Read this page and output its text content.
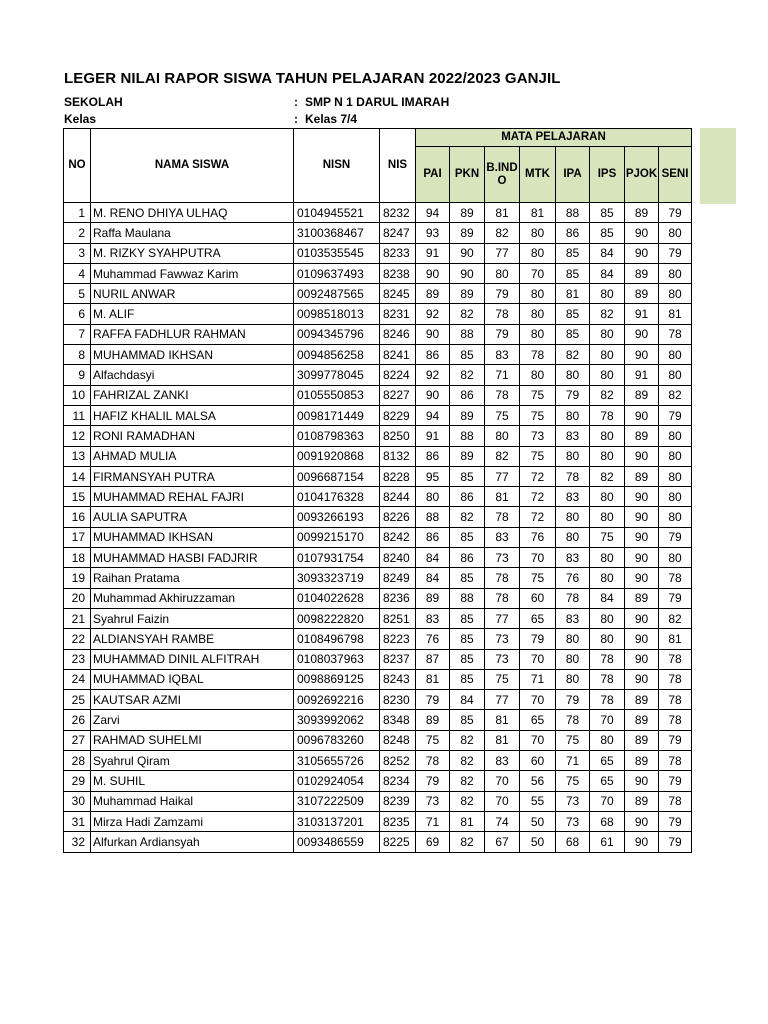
LEGER NILAI RAPOR SISWA TAHUN PELAJARAN 2022/2023 GANJIL
SEKOLAH	: SMP N 1 DARUL IMARAH
Kelas	: Kelas 7/4
NO	NAMA SISWA	NISN	NIS	MATA PELAJARAN							
				PAI	PKN	B.INDO	MTK	IPA	IPS	PJOK	SENI
1	M. RENO DHIYA ULHAQ	0104945521	8232	94	89	81	81	88	85	89	79
2	Raffa Maulana	3100368467	8247	93	89	82	80	86	85	90	80
3	M. RIZKY SYAHPUTRA	0103535545	8233	91	90	77	80	85	84	90	79
4	Muhammad Fawwaz Karim	0109637493	8238	90	90	80	70	85	84	89	80
5	NURIL ANWAR	0092487565	8245	89	89	79	80	81	80	89	80
6	M. ALIF	0098518013	8231	92	82	78	80	85	82	91	81
7	RAFFA FADHLUR RAHMAN	0094345796	8246	90	88	79	80	85	80	90	78
8	MUHAMMAD IKHSAN	0094856258	8241	86	85	83	78	82	80	90	80
9	Alfachdasyi	3099778045	8224	92	82	71	80	80	80	91	80
10	FAHRIZAL ZANKI	0105550853	8227	90	86	78	75	79	82	89	82
11	HAFIZ KHALIL MALSA	0098171449	8229	94	89	75	75	80	78	90	79
12	RONI RAMADHAN	0108798363	8250	91	88	80	73	83	80	89	80
13	AHMAD MULIA	0091920868	8132	86	89	82	75	80	80	90	80
14	FIRMANSYAH PUTRA	0096687154	8228	95	85	77	72	78	82	89	80
15	MUHAMMAD REHAL FAJRI	0104176328	8244	80	86	81	72	83	80	90	80
16	AULIA SAPUTRA	0093266193	8226	88	82	78	72	80	80	90	80
17	MUHAMMAD IKHSAN	0099215170	8242	86	85	83	76	80	75	90	79
18	MUHAMMAD HASBI FADJRIR	0107931754	8240	84	86	73	70	83	80	90	80
19	Raihan Pratama	3093323719	8249	84	85	78	75	76	80	90	78
20	Muhammad Akhiruzzaman	0104022628	8236	89	88	78	60	78	84	89	79
21	Syahrul Faizin	0098222820	8251	83	85	77	65	83	80	90	82
22	ALDIANSYAH RAMBE	0108496798	8223	76	85	73	79	80	80	90	81
23	MUHAMMAD DINIL ALFITRAH	0108037963	8237	87	85	73	70	80	78	90	78
24	MUHAMMAD IQBAL	0098869125	8243	81	85	75	71	80	78	90	78
25	KAUTSAR AZMI	0092692216	8230	79	84	77	70	79	78	89	78
26	Zarvi	3093992062	8348	89	85	81	65	78	70	89	78
27	RAHMAD SUHELMI	0096783260	8248	75	82	81	70	75	80	89	79
28	Syahrul Qiram	3105655726	8252	78	82	83	60	71	65	89	78
29	M. SUHIL	0102924054	8234	79	82	70	56	75	65	90	79
30	Muhammad Haikal	3107222509	8239	73	82	70	55	73	70	89	78
31	Mirza Hadi Zamzami	3103137201	8235	71	81	74	50	73	68	90	79
32	Alfurkan Ardiansyah	0093486559	8225	69	82	67	50	68	61	90	79
